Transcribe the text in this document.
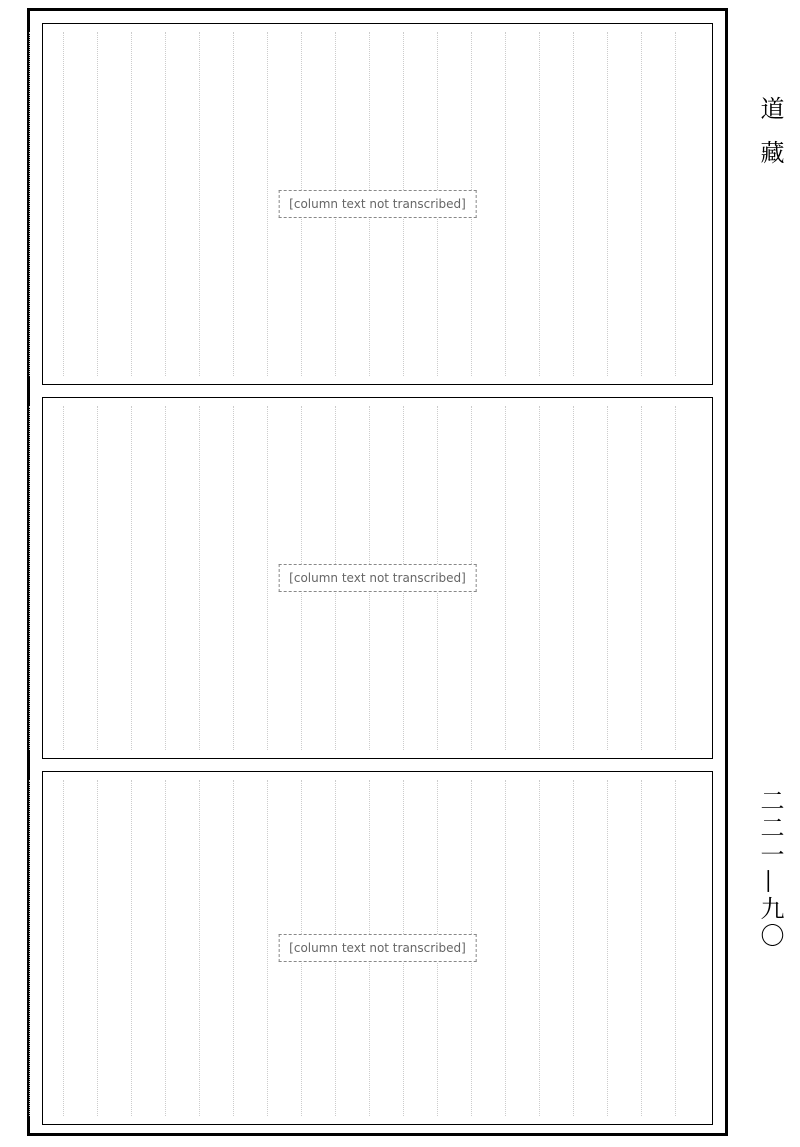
[column text not transcribed]
[column text not transcribed]
[column text not transcribed]
道藏
二二一—九〇
